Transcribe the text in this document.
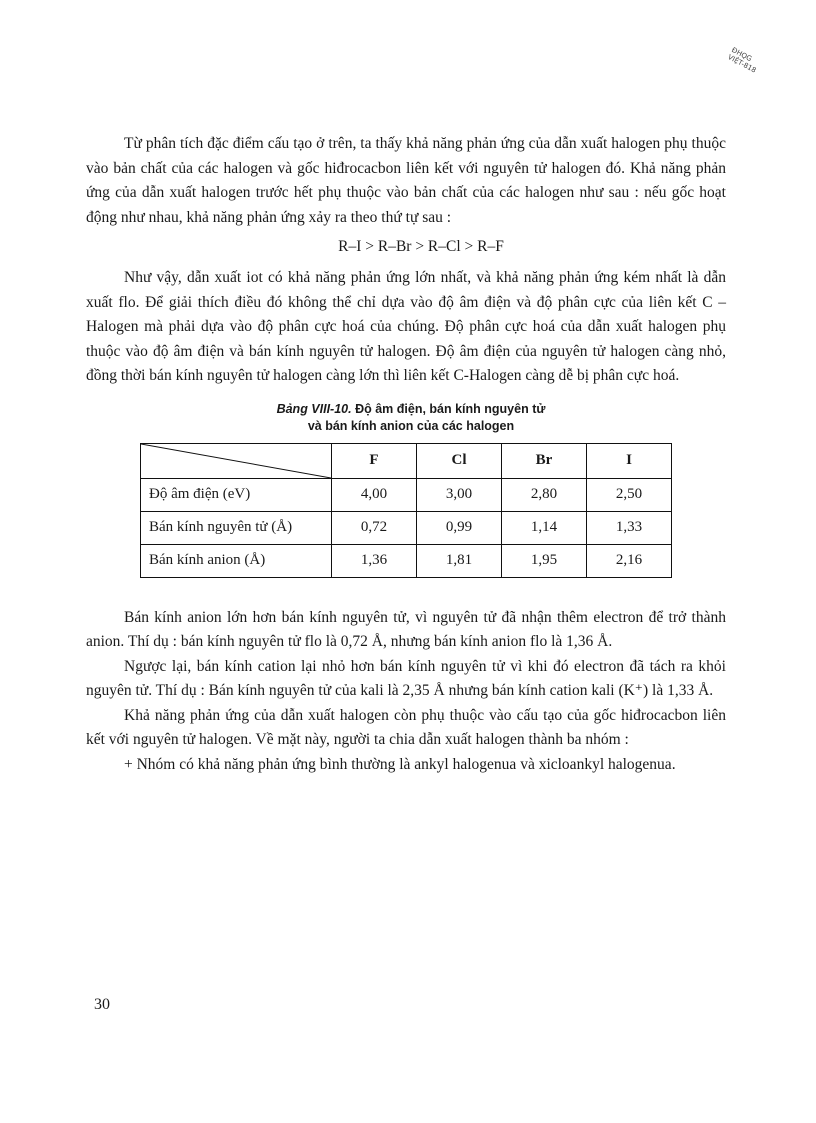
ĐHQG
VIỆT-818

Từ phân tích đặc điểm cấu tạo ở trên, ta thấy khả năng phản ứng của dẫn xuất halogen phụ thuộc vào bản chất của các halogen và gốc hiđrocacbon liên kết với nguyên tử halogen đó. Khả năng phản ứng của dẫn xuất halogen trước hết phụ thuộc vào bản chất của các halogen như sau : nếu gốc hoạt động như nhau, khả năng phản ứng xảy ra theo thứ tự sau :

R–I > R–Br > R–Cl > R–F

Như vậy, dẫn xuất iot có khả năng phản ứng lớn nhất, và khả năng phản ứng kém nhất là dẫn xuất flo. Để giải thích điều đó không thể chỉ dựa vào độ âm điện và độ phân cực của liên kết C – Halogen mà phải dựa vào độ phân cực hoá của chúng. Độ phân cực hoá của dẫn xuất halogen phụ thuộc vào độ âm điện và bán kính nguyên tử halogen. Độ âm điện của nguyên tử halogen càng nhỏ, đồng thời bán kính nguyên tử halogen càng lớn thì liên kết C-Halogen càng dễ bị phân cực hoá.

Bảng VIII-10. Độ âm điện, bán kính nguyên tử
và bán kính anion của các halogen
	F	Cl	Br	I
Độ âm điện (eV)	4,00	3,00	2,80	2,50
Bán kính nguyên tử (Å)	0,72	0,99	1,14	1,33
Bán kính anion (Å)	1,36	1,81	1,95	2,16

Bán kính anion lớn hơn bán kính nguyên tử, vì nguyên tử đã nhận thêm electron để trở thành anion. Thí dụ : bán kính nguyên tử flo là 0,72 Å, nhưng bán kính anion flo là 1,36 Å.

Ngược lại, bán kính cation lại nhỏ hơn bán kính nguyên tử vì khi đó electron đã tách ra khỏi nguyên tử. Thí dụ : Bán kính nguyên tử của kali là 2,35 Å nhưng bán kính cation kali (K⁺) là 1,33 Å.

Khả năng phản ứng của dẫn xuất halogen còn phụ thuộc vào cấu tạo của gốc hiđrocacbon liên kết với nguyên tử halogen. Về mặt này, người ta chia dẫn xuất halogen thành ba nhóm :

+ Nhóm có khả năng phản ứng bình thường là ankyl halogenua và xicloankyl halogenua.

30
